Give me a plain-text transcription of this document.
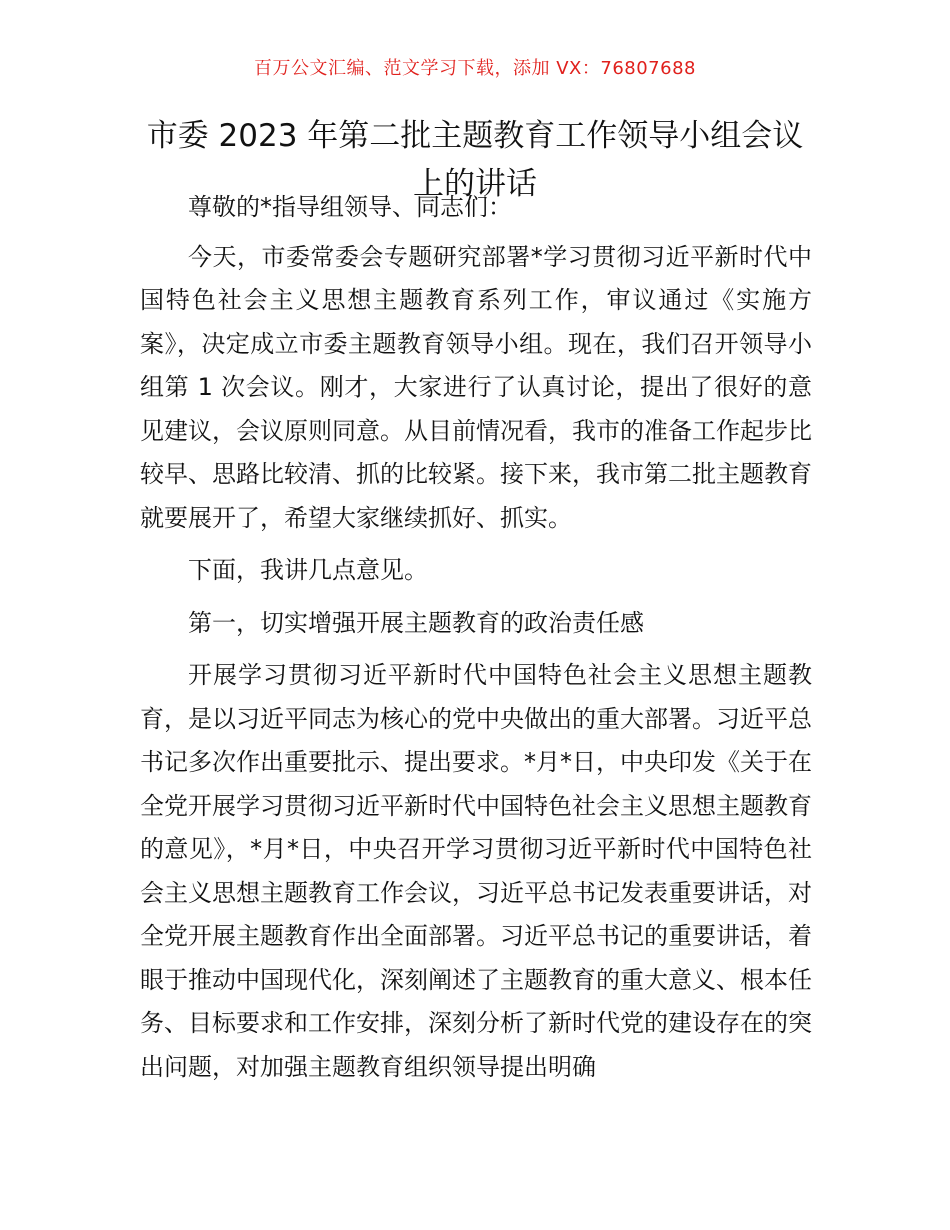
百万公文汇编、范文学习下载，添加 VX：76807688
市委 2023 年第二批主题教育工作领导小组会议
上的讲话

尊敬的*指导组领导、同志们：

今天，市委常委会专题研究部署*学习贯彻习近平新时代中国特色社会主义思想主题教育系列工作，审议通过《实施方案》，决定成立市委主题教育领导小组。现在，我们召开领导小组第 1 次会议。刚才，大家进行了认真讨论，提出了很好的意见建议，会议原则同意。从目前情况看，我市的准备工作起步比较早、思路比较清、抓的比较紧。接下来，我市第二批主题教育就要展开了，希望大家继续抓好、抓实。

下面，我讲几点意见。

第一，切实增强开展主题教育的政治责任感

开展学习贯彻习近平新时代中国特色社会主义思想主题教育，是以习近平同志为核心的党中央做出的重大部署。习近平总书记多次作出重要批示、提出要求。*月*日，中央印发《关于在全党开展学习贯彻习近平新时代中国特色社会主义思想主题教育的意见》，*月*日，中央召开学习贯彻习近平新时代中国特色社会主义思想主题教育工作会议，习近平总书记发表重要讲话，对全党开展主题教育作出全面部署。习近平总书记的重要讲话，着眼于推动中国现代化，深刻阐述了主题教育的重大意义、根本任务、目标要求和工作安排，深刻分析了新时代党的建设存在的突出问题，对加强主题教育组织领导提出明确
